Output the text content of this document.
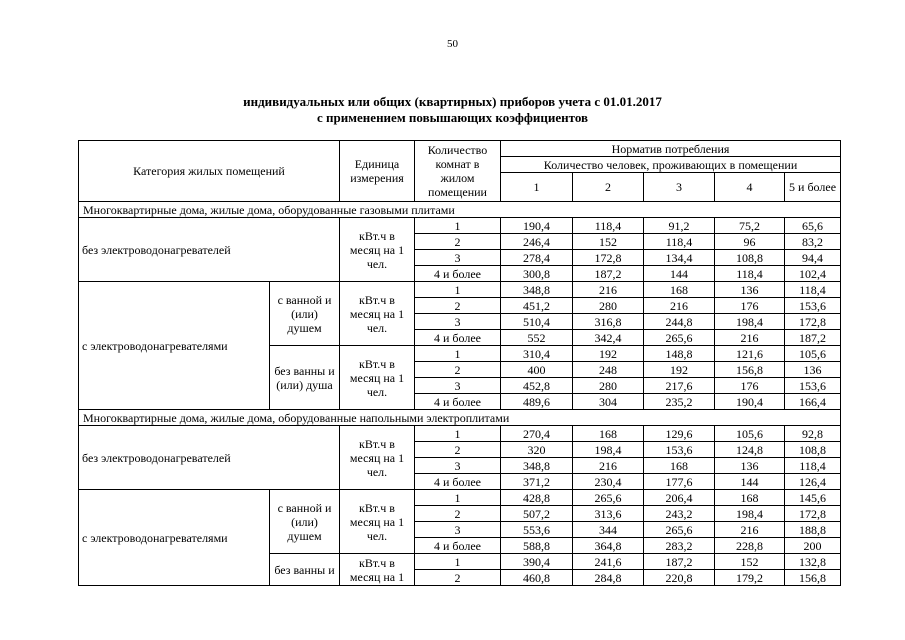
50
индивидуальных или общих (квартирных) приборов учета с 01.01.2017
с применением повышающих коэффициентов
Категория жилых помещений		Единица измерения	Количество комнат в жилом помещении	Норматив потребления				
				Количество человек, проживающих в помещении				
				1	2	3	4	5 и более
Многоквартирные дома, жилые дома, оборудованные газовыми плитами								
без электроводонагревателей		кВт.ч в месяц на 1 чел.	1	190,4	118,4	91,2	75,2	65,6
			2	246,4	152	118,4	96	83,2
			3	278,4	172,8	134,4	108,8	94,4
			4 и более	300,8	187,2	144	118,4	102,4
с электроводонагревателями	с ванной и (или) душем	кВт.ч в месяц на 1 чел.	1	348,8	216	168	136	118,4
			2	451,2	280	216	176	153,6
			3	510,4	316,8	244,8	198,4	172,8
			4 и более	552	342,4	265,6	216	187,2
	без ванны и (или) душа	кВт.ч в месяц на 1 чел.	1	310,4	192	148,8	121,6	105,6
			2	400	248	192	156,8	136
			3	452,8	280	217,6	176	153,6
			4 и более	489,6	304	235,2	190,4	166,4
Многоквартирные дома, жилые дома, оборудованные напольными электроплитами								
без электроводонагревателей		кВт.ч в месяц на 1 чел.	1	270,4	168	129,6	105,6	92,8
			2	320	198,4	153,6	124,8	108,8
			3	348,8	216	168	136	118,4
			4 и более	371,2	230,4	177,6	144	126,4
с электроводонагревателями	с ванной и (или) душем	кВт.ч в месяц на 1 чел.	1	428,8	265,6	206,4	168	145,6
			2	507,2	313,6	243,2	198,4	172,8
			3	553,6	344	265,6	216	188,8
			4 и более	588,8	364,8	283,2	228,8	200
	без ванны и	кВт.ч в месяц на 1	1	390,4	241,6	187,2	152	132,8
			2	460,8	284,8	220,8	179,2	156,8
